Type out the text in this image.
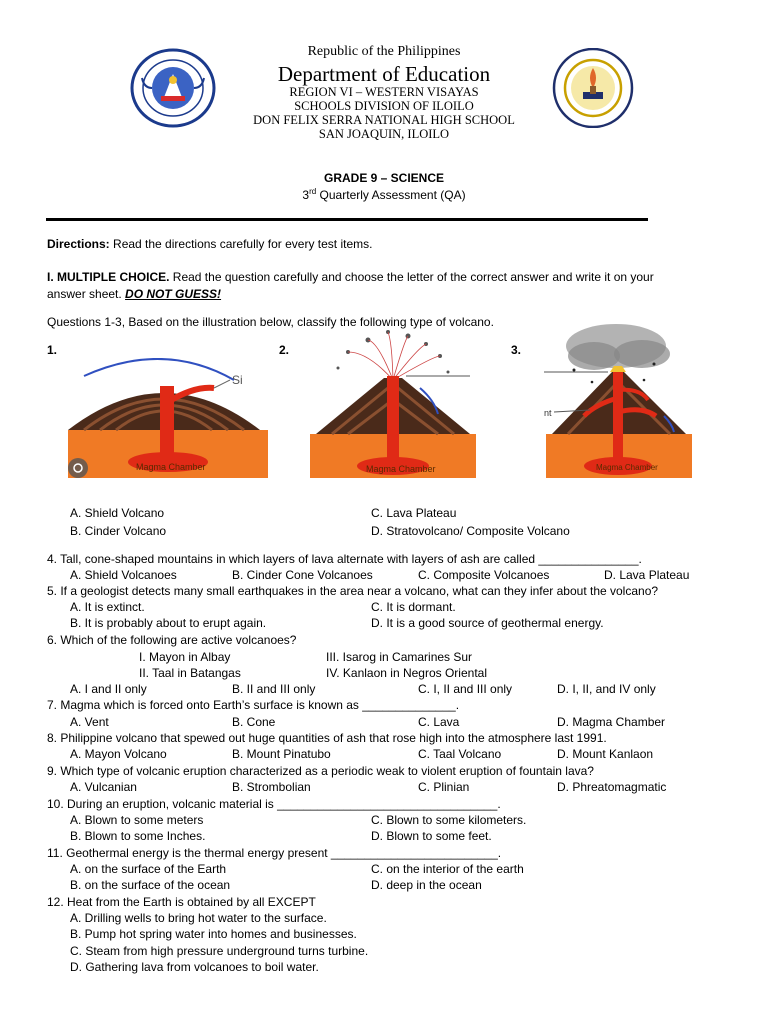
Republic of the Philippines
Department of Education
REGION VI – WESTERN VISAYAS
SCHOOLS DIVISION OF ILOILO
DON FELIX SERRA NATIONAL HIGH SCHOOL
SAN JOAQUIN, ILOILO
GRADE 9 – SCIENCE
3rd Quarterly Assessment (QA)
Directions: Read the directions carefully for every test items.
I. MULTIPLE CHOICE. Read the question carefully and choose the letter of the correct answer and write it on your
answer sheet. DO NOT GUESS!
Questions 1-3, Based on the illustration below, classify the following type of volcano.
1.	2.	3.
Si
Magma Chamber	Magma Chamber
nt
Magma Chamber
A. Shield Volcano
B. Cinder Volcano
C. Lava Plateau
D. Stratovolcano/ Composite Volcano
4. Tall, cone-shaped mountains in which layers of lava alternate with layers of ash are called _______________.
A. Shield Volcanoes	B. Cinder Cone Volcanoes	C. Composite Volcanoes	D. Lava Plateau
5. If a geologist detects many small earthquakes in the area near a volcano, what can they infer about the volcano?
A. It is extinct.
B. It is probably about to erupt again.
C. It is dormant.
D. It is a good source of geothermal energy.
6. Which of the following are active volcanoes?
I. Mayon in Albay
II. Taal in Batangas
III. Isarog in Camarines Sur
IV. Kanlaon in Negros Oriental
A. I and II only	B. II and III only	C. I, II and III only	D. I, II, and IV only
7. Magma which is forced onto Earth’s surface is known as ______________.
A. Vent	B. Cone	C. Lava	D. Magma Chamber
8. Philippine volcano that spewed out huge quantities of ash that rose high into the atmosphere last 1991.
A. Mayon Volcano	B. Mount Pinatubo	C. Taal Volcano	D. Mount Kanlaon
9. Which type of volcanic eruption characterized as a periodic weak to violent eruption of fountain lava?
A. Vulcanian	B. Strombolian	C. Plinian	D. Phreatomagmatic
10. During an eruption, volcanic material is _________________________________.
A. Blown to some meters
B. Blown to some Inches.
C. Blown to some kilometers.
D. Blown to some feet.
11. Geothermal energy is the thermal energy present _________________________.
A. on the surface of the Earth
B. on the surface of the ocean
C. on the interior of the earth
D. deep in the ocean
12. Heat from the Earth is obtained by all EXCEPT
A. Drilling wells to bring hot water to the surface.
B. Pump hot spring water into homes and businesses.
C. Steam from high pressure underground turns turbine.
D. Gathering lava from volcanoes to boil water.
